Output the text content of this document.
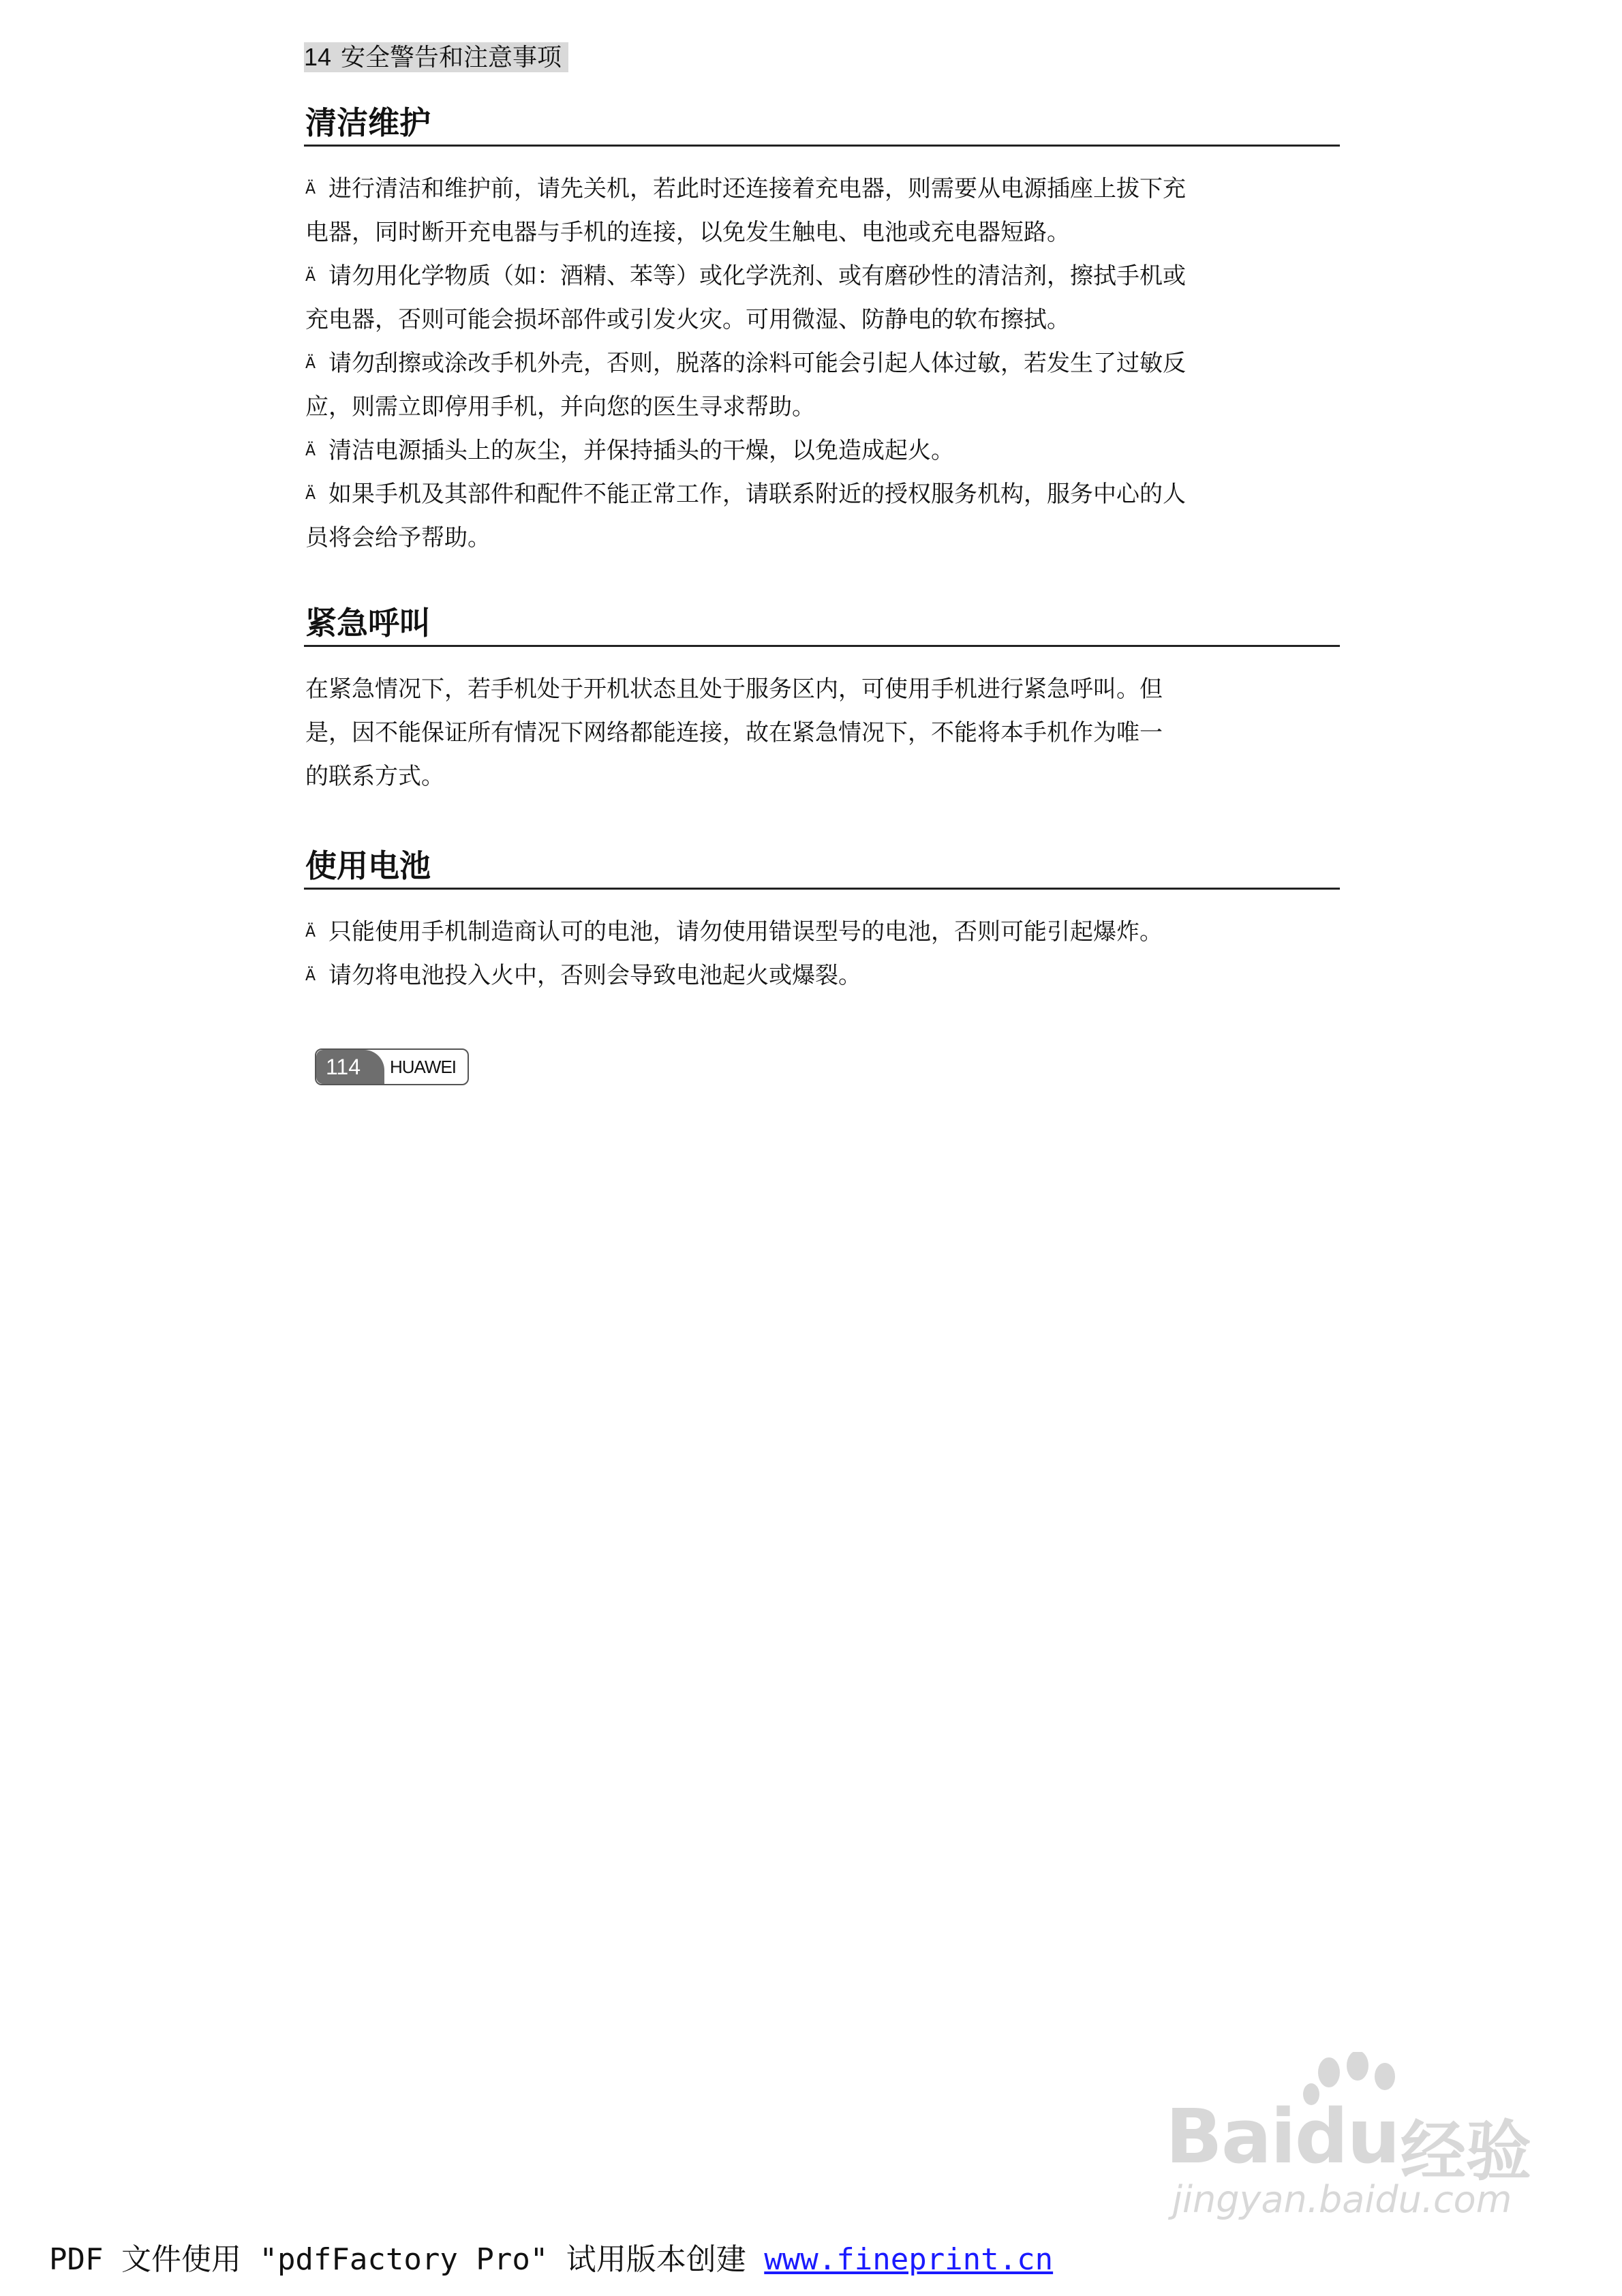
14 安全警告和注意事项
清洁维护
Ä 进行清洁和维护前，请先关机，若此时还连接着充电器，则需要从电源插座上拔下充
电器，同时断开充电器与手机的连接，以免发生触电、电池或充电器短路。
Ä 请勿用化学物质（如：酒精、苯等）或化学洗剂、或有磨砂性的清洁剂，擦拭手机或
充电器，否则可能会损坏部件或引发火灾。可用微湿、防静电的软布擦拭。
Ä 请勿刮擦或涂改手机外壳，否则，脱落的涂料可能会引起人体过敏，若发生了过敏反
应，则需立即停用手机，并向您的医生寻求帮助。
Ä 清洁电源插头上的灰尘，并保持插头的干燥，以免造成起火。
Ä 如果手机及其部件和配件不能正常工作，请联系附近的授权服务机构，服务中心的人
员将会给予帮助。
紧急呼叫
在紧急情况下，若手机处于开机状态且处于服务区内，可使用手机进行紧急呼叫。但
是，因不能保证所有情况下网络都能连接，故在紧急情况下，不能将本手机作为唯一
的联系方式。
使用电池
Ä 只能使用手机制造商认可的电池，请勿使用错误型号的电池，否则可能引起爆炸。
Ä 请勿将电池投入火中，否则会导致电池起火或爆裂。
114	HUAWEI
Baidu 经验
jingyan.baidu.com
PDF 文件使用 "pdfFactory Pro" 试用版本创建 www.fineprint.cn
